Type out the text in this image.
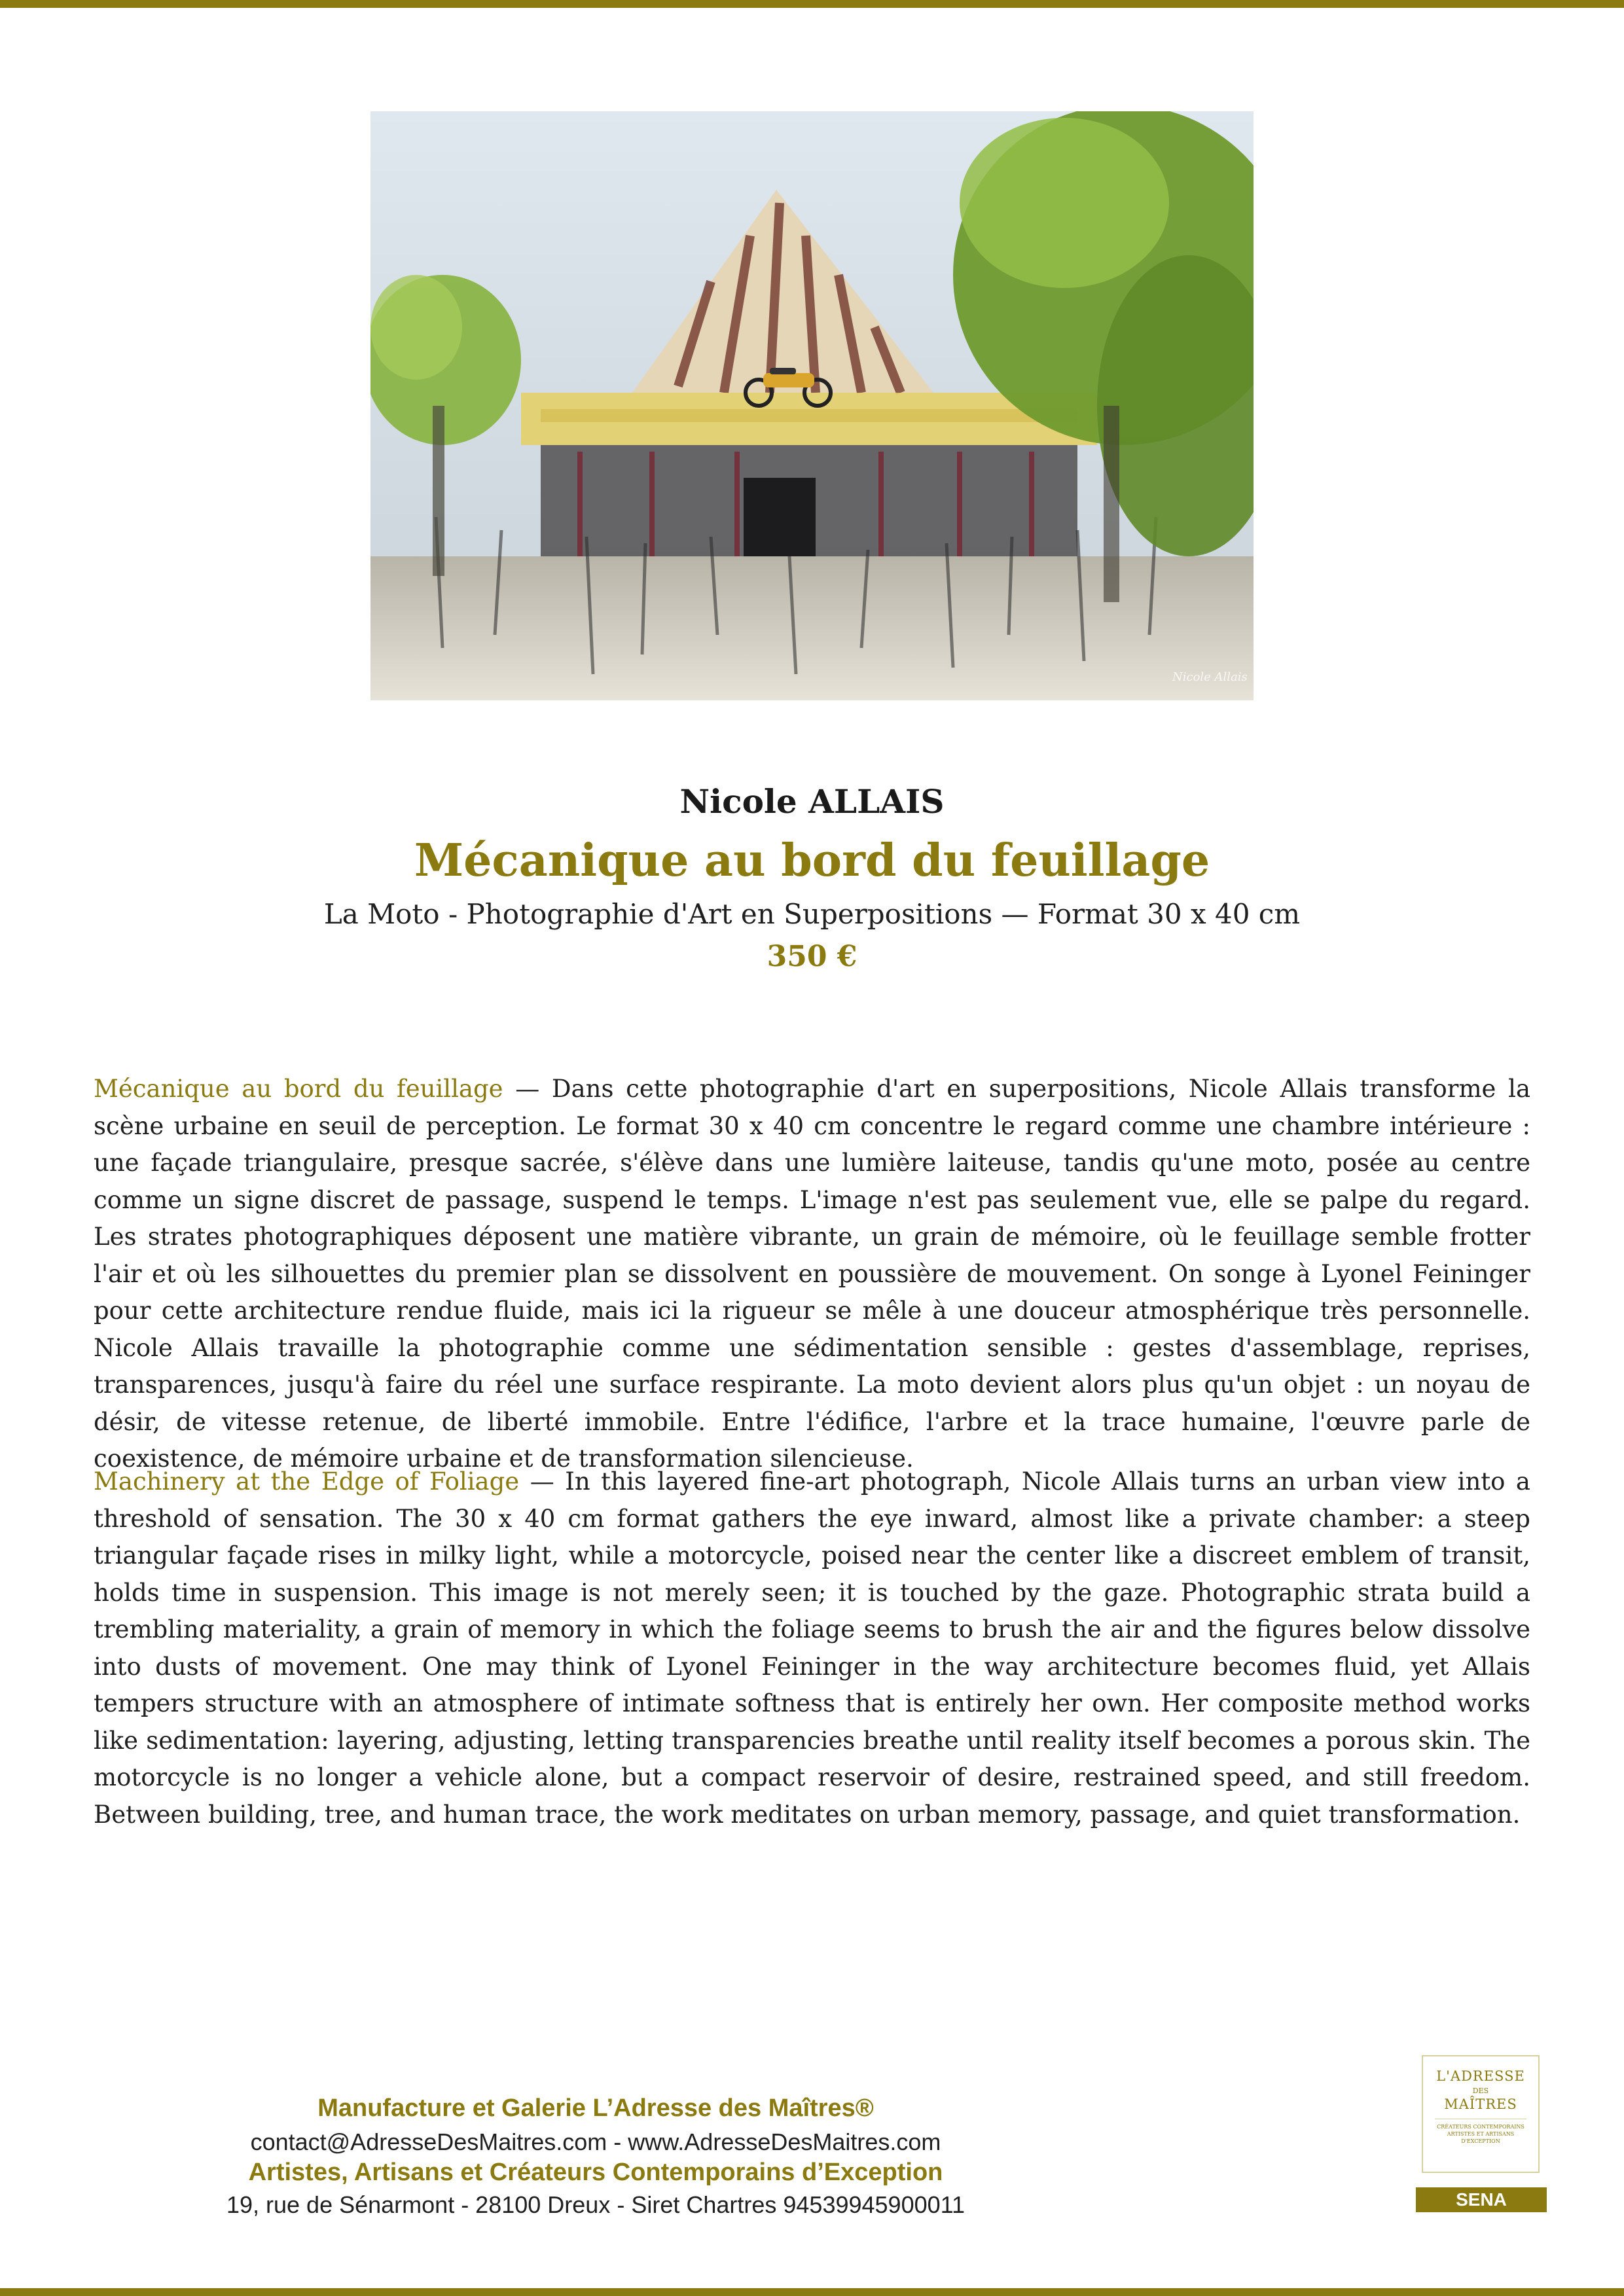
Nicole Allais
Nicole ALLAIS
Mécanique au bord du feuillage
La Moto - Photographie d'Art en Superpositions — Format 30 x 40 cm
350 €
Mécanique au bord du feuillage — Dans cette photographie d'art en superpositions, Nicole Allais transforme la scène urbaine en seuil de perception. Le format 30 x 40 cm concentre le regard comme une chambre intérieure : une façade triangulaire, presque sacrée, s'élève dans une lumière laiteuse, tandis qu'une moto, posée au centre comme un signe discret de passage, suspend le temps. L'image n'est pas seulement vue, elle se palpe du regard. Les strates photographiques déposent une matière vibrante, un grain de mémoire, où le feuillage semble frotter l'air et où les silhouettes du premier plan se dissolvent en poussière de mouvement. On songe à Lyonel Feininger pour cette architecture rendue fluide, mais ici la rigueur se mêle à une douceur atmosphérique très personnelle. Nicole Allais travaille la photographie comme une sédimentation sensible : gestes d'assemblage, reprises, transparences, jusqu'à faire du réel une surface respirante. La moto devient alors plus qu'un objet : un noyau de désir, de vitesse retenue, de liberté immobile. Entre l'édifice, l'arbre et la trace humaine, l'œuvre parle de coexistence, de mémoire urbaine et de transformation silencieuse.
Machinery at the Edge of Foliage — In this layered fine-art photograph, Nicole Allais turns an urban view into a threshold of sensation. The 30 x 40 cm format gathers the eye inward, almost like a private chamber: a steep triangular façade rises in milky light, while a motorcycle, poised near the center like a discreet emblem of transit, holds time in suspension. This image is not merely seen; it is touched by the gaze. Photographic strata build a trembling materiality, a grain of memory in which the foliage seems to brush the air and the figures below dissolve into dusts of movement. One may think of Lyonel Feininger in the way architecture becomes fluid, yet Allais tempers structure with an atmosphere of intimate softness that is entirely her own. Her composite method works like sedimentation: layering, adjusting, letting transparencies breathe until reality itself becomes a porous skin. The motorcycle is no longer a vehicle alone, but a compact reservoir of desire, restrained speed, and still freedom. Between building, tree, and human trace, the work meditates on urban memory, passage, and quiet transformation.
Manufacture et Galerie L’Adresse des Maîtres®
contact@AdresseDesMaitres.com - www.AdresseDesMaitres.com
Artistes, Artisans et Créateurs Contemporains d’Exception
19, rue de Sénarmont - 28100 Dreux - Siret Chartres 94539945900011
L'ADRESSE
DES
MAÎTRES
CRÉATEURS CONTEMPORAINS ARTISTES ET ARTISANS D'EXCEPTION
SENA
